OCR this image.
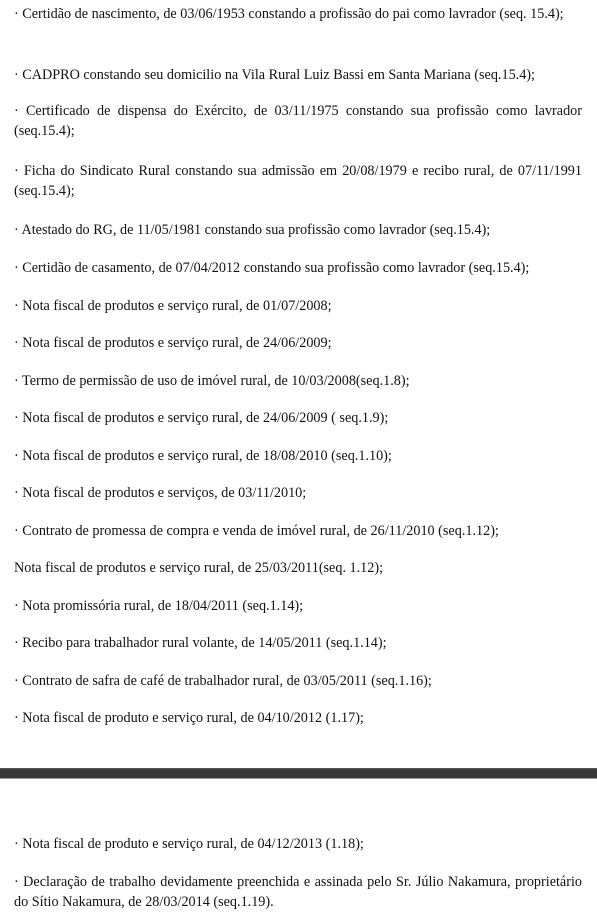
· Certidão de nascimento, de 03/06/1953 constando a profissão do pai como lavrador (seq. 15.4);

· CADPRO constando seu domicilio na Vila Rural Luiz Bassi em Santa Mariana (seq.15.4);

· Certificado de dispensa do Exército, de 03/11/1975 constando sua profissão como lavrador (seq.15.4);

· Ficha do Sindicato Rural constando sua admissão em 20/08/1979 e recibo rural, de 07/11/1991 (seq.15.4);

· Atestado do RG, de 11/05/1981 constando sua profissão como lavrador (seq.15.4);

· Certidão de casamento, de 07/04/2012 constando sua profissão como lavrador (seq.15.4);

· Nota fiscal de produtos e serviço rural, de 01/07/2008;

· Nota fiscal de produtos e serviço rural, de 24/06/2009;

· Termo de permissão de uso de imóvel rural, de 10/03/2008(seq.1.8);

· Nota fiscal de produtos e serviço rural, de 24/06/2009 ( seq.1.9);

· Nota fiscal de produtos e serviço rural, de 18/08/2010 (seq.1.10);

· Nota fiscal de produtos e serviços, de 03/11/2010;

· Contrato de promessa de compra e venda de imóvel rural, de 26/11/2010 (seq.1.12);

Nota fiscal de produtos e serviço rural, de 25/03/2011(seq. 1.12);

· Nota promissória rural, de 18/04/2011 (seq.1.14);

· Recibo para trabalhador rural volante, de 14/05/2011 (seq.1.14);

· Contrato de safra de café de trabalhador rural, de 03/05/2011 (seq.1.16);

· Nota fiscal de produto e serviço rural, de 04/10/2012 (1.17);

· Nota fiscal de produto e serviço rural, de 04/12/2013 (1.18);

· Declaração de trabalho devidamente preenchida e assinada pelo Sr. Júlio Nakamura, proprietário do Sítio Nakamura, de 28/03/2014 (seq.1.19).
